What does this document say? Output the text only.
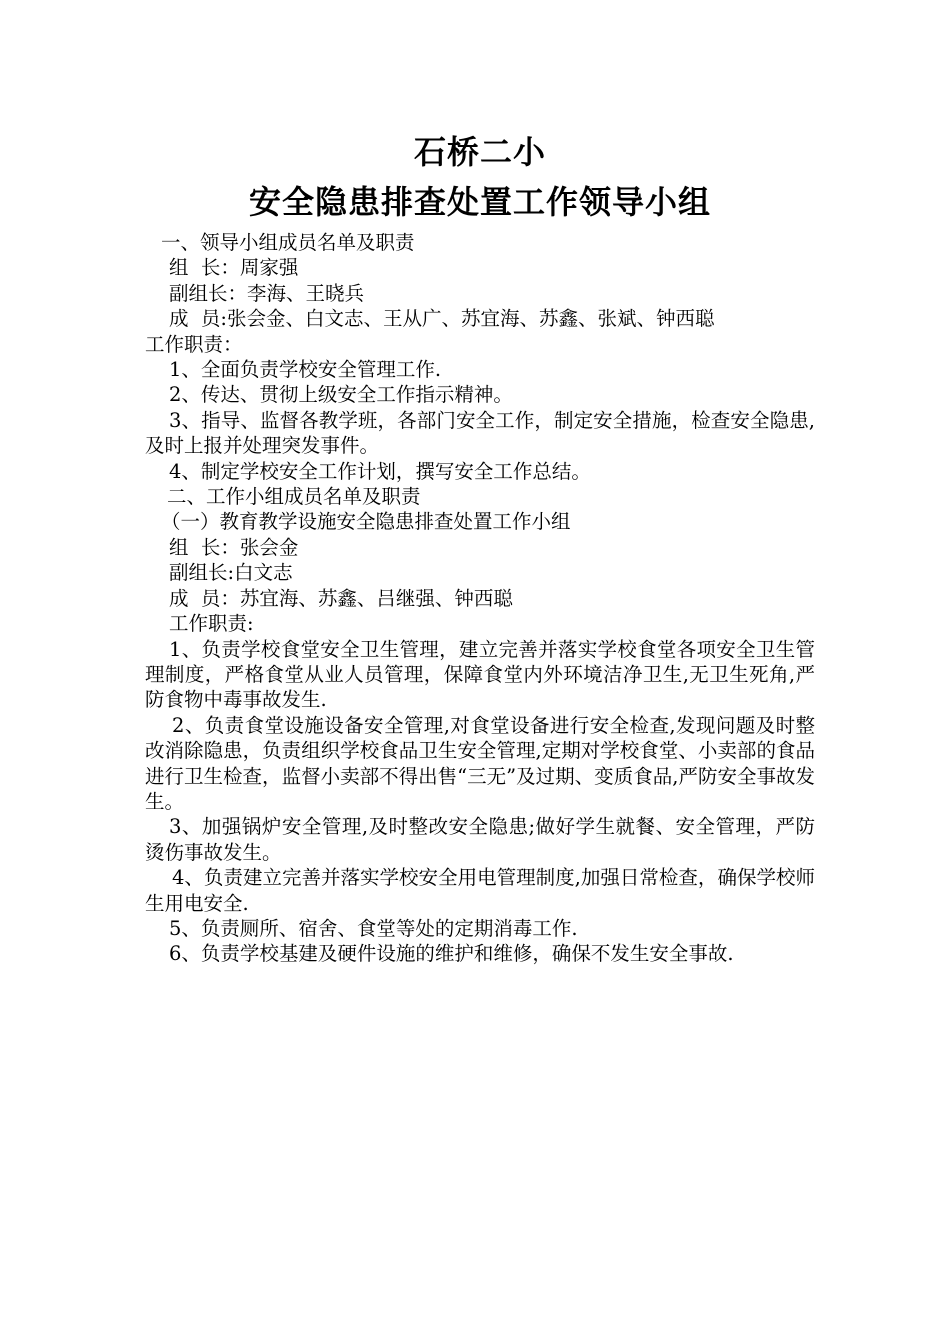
石桥二小
安全隐患排查处置工作领导小组

一、领导小组成员名单及职责

组  长：周家强

副组长：李海、王晓兵

成  员:张会金、白文志、王从广、苏宜海、苏鑫、张斌、钟西聪

工作职责：

1、全面负责学校安全管理工作.

2、传达、贯彻上级安全工作指示精神。

3、指导、监督各教学班，各部门安全工作，制定安全措施，检查安全隐患,及时上报并处理突发事件。

4、制定学校安全工作计划，撰写安全工作总结。

二、工作小组成员名单及职责

（一）教育教学设施安全隐患排查处置工作小组

组  长：张会金

副组长:白文志

成  员：苏宜海、苏鑫、吕继强、钟西聪

工作职责:

1、负责学校食堂安全卫生管理，建立完善并落实学校食堂各项安全卫生管理制度，严格食堂从业人员管理，保障食堂内外环境洁净卫生,无卫生死角,严防食物中毒事故发生.

2、负责食堂设施设备安全管理,对食堂设备进行安全检查,发现问题及时整改消除隐患，负责组织学校食品卫生安全管理,定期对学校食堂、小卖部的食品进行卫生检查，监督小卖部不得出售“三无”及过期、变质食品,严防安全事故发生。

3、加强锅炉安全管理,及时整改安全隐患;做好学生就餐、安全管理，严防烫伤事故发生。

4、负责建立完善并落实学校安全用电管理制度,加强日常检查，确保学校师生用电安全.

5、负责厕所、宿舍、食堂等处的定期消毒工作.

6、负责学校基建及硬件设施的维护和维修，确保不发生安全事故.
